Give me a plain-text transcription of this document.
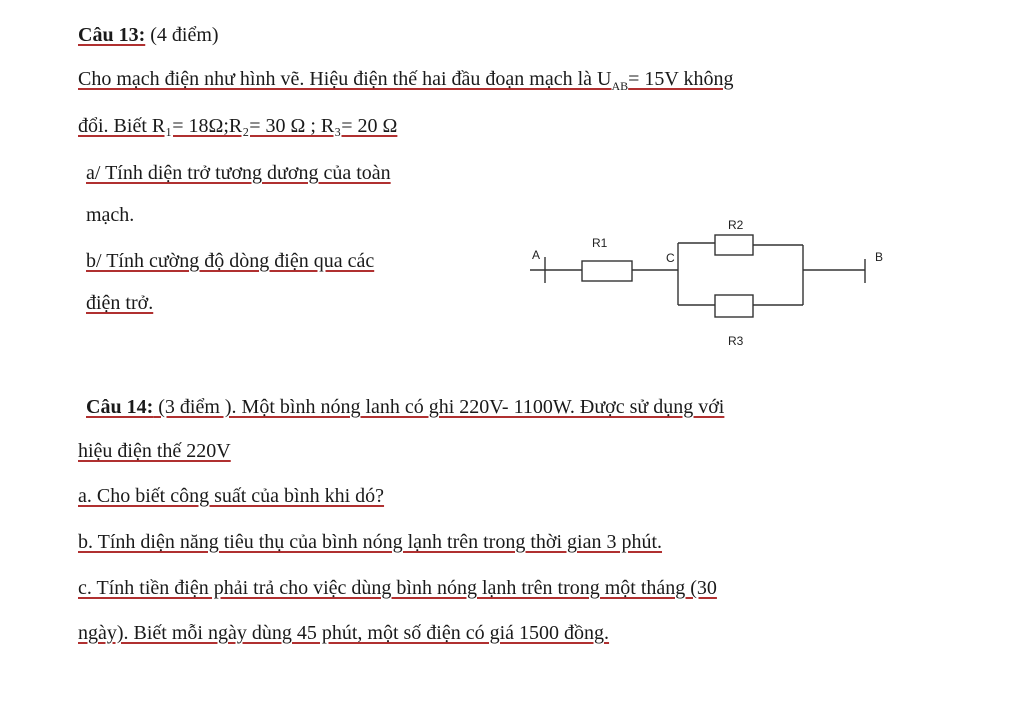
Câu 13: (4 điểm)
Cho mạch điện như hình vẽ. Hiệu điện thế hai đầu đoạn mạch là $U_{AB}= 15V$ không
đổi. Biết R₁= 18Ω;R₂= 30 Ω ; R₃= 20 Ω
a/ Tính diện trở tương dương của toàn
mạch.
b/ Tính cường độ dòng điện qua các
điện trở.
A
R1
C
R2
B
R3
Câu 14: (3 điểm ). Một bình nóng lanh có ghi 220V- 1100W. Được sử dụng với
hiệu điện thế 220V
a. Cho biết công suất của bình khi dó?
b. Tính diện năng tiêu thụ của bình nóng lạnh trên trong thời gian 3 phút.
c. Tính tiền điện phải trả cho việc dùng bình nóng lạnh trên trong một tháng (30
ngày). Biết mỗi ngày dùng 45 phút, một số điện có giá 1500 đồng.
